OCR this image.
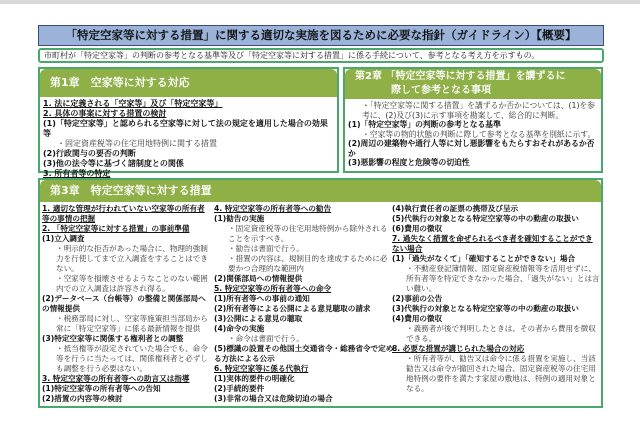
「特定空家等に対する措置」に関する適切な実施を図るために必要な指針（ガイドライン）【概要】
市町村が「特定空家等」の判断の参考となる基準等及び「特定空家等に対する措置」に係る手続について、参考となる考え方を示すもの。
第1章　空家等に対する対応
1. 法に定義される「空家等」及び「特定空家等」
2. 具体の事案に対する措置の検討
(1)「特定空家等」と認められる空家等に対して法の規定を適用した場合の効果等
・固定資産税等の住宅用地特例に関する措置
(2)行政関与の要否の判断
(3)他の法令等に基づく諸制度との関係
3. 所有者等の特定
第2章 「特定空家等に対する措置」を講ずるに
際して参考となる事項
・「特定空家等に関する措置」を講ずるか否かについては、(1)を参考に、(2)及び(3)に示す事項を勘案して、総合的に判断。
(1)「特定空家等」の判断の参考となる基準
・空家等の物的状態の判断に際して参考となる基準を別紙に示す。
(2)周辺の建築物や通行人等に対し悪影響をもたらすおそれがあるか否か
(3)悪影響の程度と危険等の切迫性
第3章　特定空家等に対する措置
1. 適切な管理が行われていない空家等の所有者等の事情の把握
2. 「特定空家等に対する措置」の事前準備
(1)立入調査
・明示的な拒否があった場合に、物理的強制力を行使してまで立入調査をすることはできない。
・空家等を損壊させるようなことのない範囲内での立入調査は許容され得る。
(2)データベース（台帳等）の整備と関係部局への情報提供
・税務部局に対し、空家等施策担当部局から常に「特定空家等」に係る最新情報を提供
(3)特定空家等に関係する権利者との調整
・抵当権等が設定されていた場合でも、命令等を行うに当たっては、関係権利者と必ずしも調整を行う必要はない。
3. 特定空家等の所有者等への助言又は指導
(1)特定空家等の所有者等への告知
(2)措置の内容等の検討
4. 特定空家等の所有者等への勧告
(1)勧告の実施
・固定資産税等の住宅用地特例から除外されることを示すべき。
・勧告は書面で行う。
・措置の内容は、規制目的を達成するために必要かつ合理的な範囲内
(2)関係部局への情報提供
5. 特定空家等の所有者等への命令
(1)所有者等への事前の通知
(2)所有者等による公開による意見聴取の請求
(3)公開による意見の聴取
(4)命令の実施
・命令は書面で行う。
(5)標識の設置その他国土交通省令・総務省令で定める方法による公示
6. 特定空家等に係る代執行
(1)実体的要件の明確化
(2)手続的要件
(3)非常の場合又は危険切迫の場合
(4)執行責任者の証票の携帯及び呈示
(5)代執行の対象となる特定空家等の中の動産の取扱い
(6)費用の徴収
7. 過失なく措置を命ぜられるべき者を確知することができない場合
(1)「過失がなくて」「確知することができない」場合
・不動産登記簿情報、固定資産税情報等を活用せずに、所有者等を特定できなかった場合、「過失がない」とは言い難い。
(2)事前の公告
(3)代執行の対象となる特定空家等の中の動産の取扱い
(4)費用の徴収
・義務者が後で判明したときは、その者から費用を徴収できる。
8. 必要な措置が講じられた場合の対応
・所有者等が、勧告又は命令に係る措置を実施し、当該勧告又は命令が撤回された場合、固定資産税等の住宅用地特例の要件を満たす家屋の敷地は、特例の適用対象となる。
